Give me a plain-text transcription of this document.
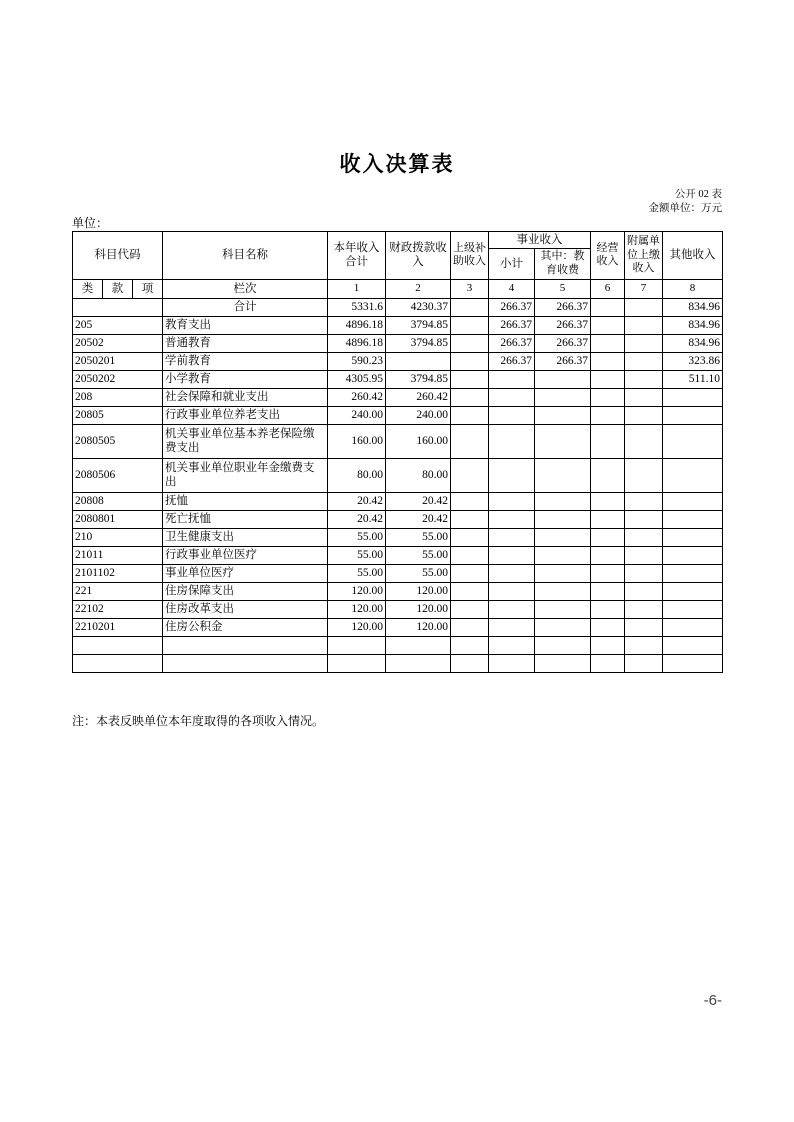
收入决算表
公开 02 表
金额单位：万元
单位：
科目代码			科目名称	本年收入合计	财政拨款收入	上级补助收入	事业收入		经营收入	附属单位上缴收入	其他收入
							小计	其中：教育收费			
类	款	项	栏次	1	2	3	4	5	6	7	8
			合计	5331.6	4230.37		266.37	266.37			834.96
205			教育支出	4896.18	3794.85		266.37	266.37			834.96
20502			普通教育	4896.18	3794.85		266.37	266.37			834.96
2050201			学前教育	590.23			266.37	266.37			323.86
2050202			小学教育	4305.95	3794.85						511.10
208			社会保障和就业支出	260.42	260.42						
20805			行政事业单位养老支出	240.00	240.00						
2080505			机关事业单位基本养老保险缴费支出	160.00	160.00						
2080506			机关事业单位职业年金缴费支出	80.00	80.00						
20808			抚恤	20.42	20.42						
2080801			死亡抚恤	20.42	20.42						
210			卫生健康支出	55.00	55.00						
21011			行政事业单位医疗	55.00	55.00						
2101102			事业单位医疗	55.00	55.00						
221			住房保障支出	120.00	120.00						
22102			住房改革支出	120.00	120.00						
2210201			住房公积金	120.00	120.00						

注：本表反映单位本年度取得的各项收入情况。
-6-
